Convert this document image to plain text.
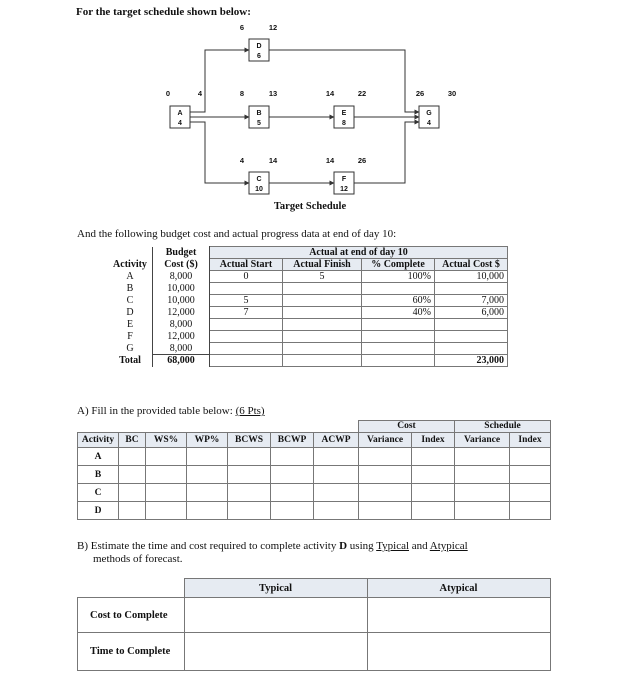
For the target schedule shown below:
A
4
0	4
D
6
6	12
B
5
8	13
C
10
4	14
E
8
14	22
F
12
14	26
G
4
26	30
Target Schedule
And the following budget cost and actual progress data at end of day 10:
	Budget	Actual at end of day 10			
Activity	Cost ($)	Actual Start	Actual Finish	% Complete	Actual Cost $
A	8,000	0	5	100%	10,000
B	10,000				
C	10,000	5		60%	7,000
D	12,000	7		40%	6,000
E	8,000				
F	12,000				
G	8,000				
Total	68,000				23,000
A) Fill in the provided table below: (6 Pts)
							Cost		Schedule	
Activity	BC	WS%	WP%	BCWS	BCWP	ACWP	Variance	Index	Variance	Index
A										
B										
C										
D										
B) Estimate the time and cost required to complete activity D using Typical and Atypical
methods of forecast.
	Typical	Atypical
Cost to Complete		
Time to Complete		
